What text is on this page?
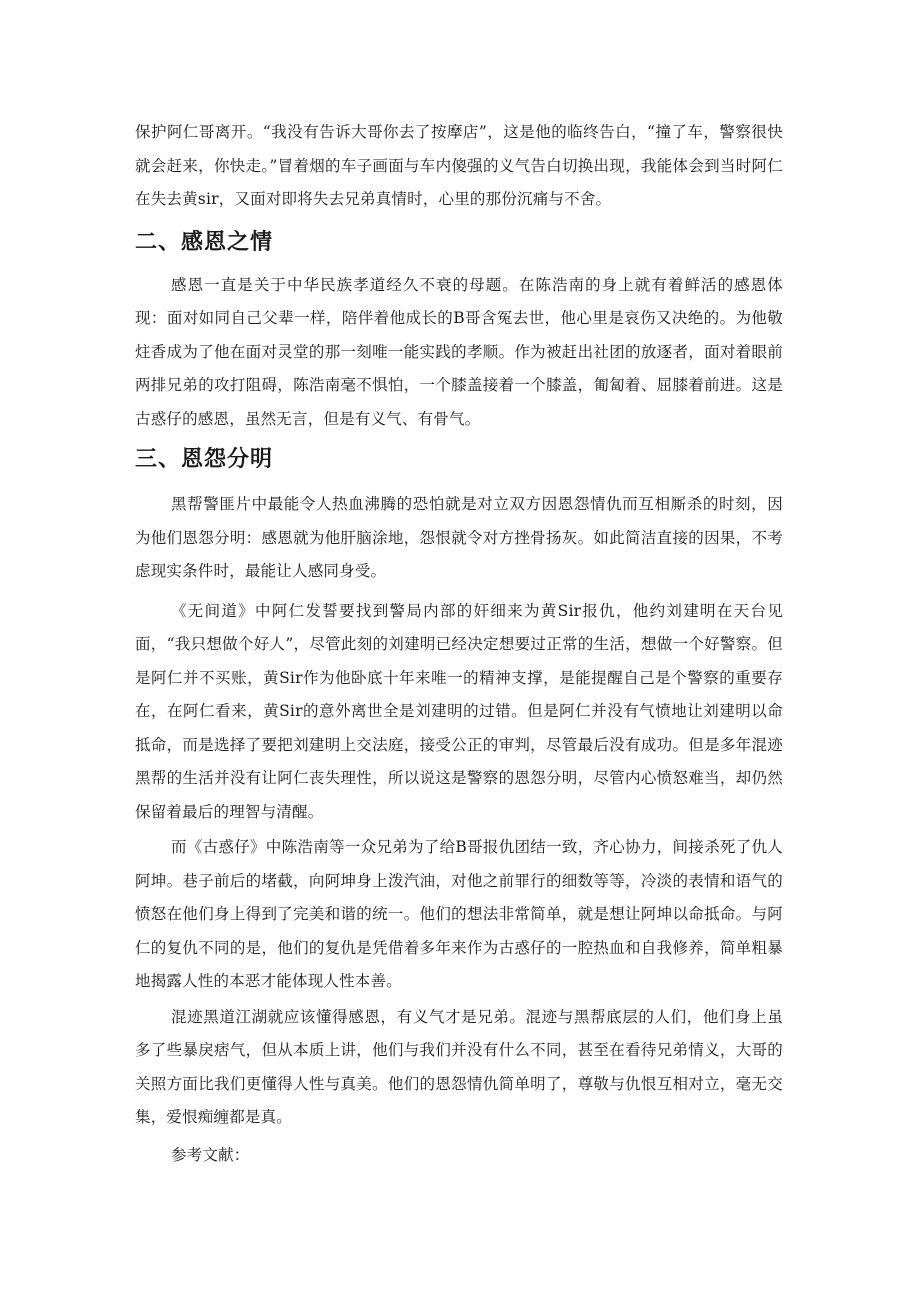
保护阿仁哥离开。“我没有告诉大哥你去了按摩店”，这是他的临终告白，“撞了车，警察很快就会赶来，你快走。”冒着烟的车子画面与车内傻强的义气告白切换出现，我能体会到当时阿仁在失去黄sir，又面对即将失去兄弟真情时，心里的那份沉痛与不舍。

二、感恩之情

感恩一直是关于中华民族孝道经久不衰的母题。在陈浩南的身上就有着鲜活的感恩体现：面对如同自己父辈一样，陪伴着他成长的B哥含冤去世，他心里是哀伤又决绝的。为他敬炷香成为了他在面对灵堂的那一刻唯一能实践的孝顺。作为被赶出社团的放逐者，面对着眼前两排兄弟的攻打阻碍，陈浩南毫不惧怕，一个膝盖接着一个膝盖，匍匐着、屈膝着前进。这是古惑仔的感恩，虽然无言，但是有义气、有骨气。

三、恩怨分明

黑帮警匪片中最能令人热血沸腾的恐怕就是对立双方因恩怨情仇而互相厮杀的时刻，因为他们恩怨分明：感恩就为他肝脑涂地，怨恨就令对方挫骨扬灰。如此简洁直接的因果，不考虑现实条件时，最能让人感同身受。

《无间道》中阿仁发誓要找到警局内部的奸细来为黄Sir报仇，他约刘建明在天台见面，“我只想做个好人”，尽管此刻的刘建明已经决定想要过正常的生活，想做一个好警察。但是阿仁并不买账，黄Sir作为他卧底十年来唯一的精神支撑，是能提醒自己是个警察的重要存在，在阿仁看来，黄Sir的意外离世全是刘建明的过错。但是阿仁并没有气愤地让刘建明以命抵命，而是选择了要把刘建明上交法庭，接受公正的审判，尽管最后没有成功。但是多年混迹黑帮的生活并没有让阿仁丧失理性，所以说这是警察的恩怨分明，尽管内心愤怒难当，却仍然保留着最后的理智与清醒。

而《古惑仔》中陈浩南等一众兄弟为了给B哥报仇团结一致，齐心协力，间接杀死了仇人阿坤。巷子前后的堵截，向阿坤身上泼汽油，对他之前罪行的细数等等，冷淡的表情和语气的愤怒在他们身上得到了完美和谐的统一。他们的想法非常简单，就是想让阿坤以命抵命。与阿仁的复仇不同的是，他们的复仇是凭借着多年来作为古惑仔的一腔热血和自我修养，简单粗暴地揭露人性的本恶才能体现人性本善。

混迹黑道江湖就应该懂得感恩，有义气才是兄弟。混迹与黑帮底层的人们，他们身上虽多了些暴戾痞气，但从本质上讲，他们与我们并没有什么不同，甚至在看待兄弟情义，大哥的关照方面比我们更懂得人性与真美。他们的恩怨情仇简单明了，尊敬与仇恨互相对立，毫无交集，爱恨痴缠都是真。

参考文献：
